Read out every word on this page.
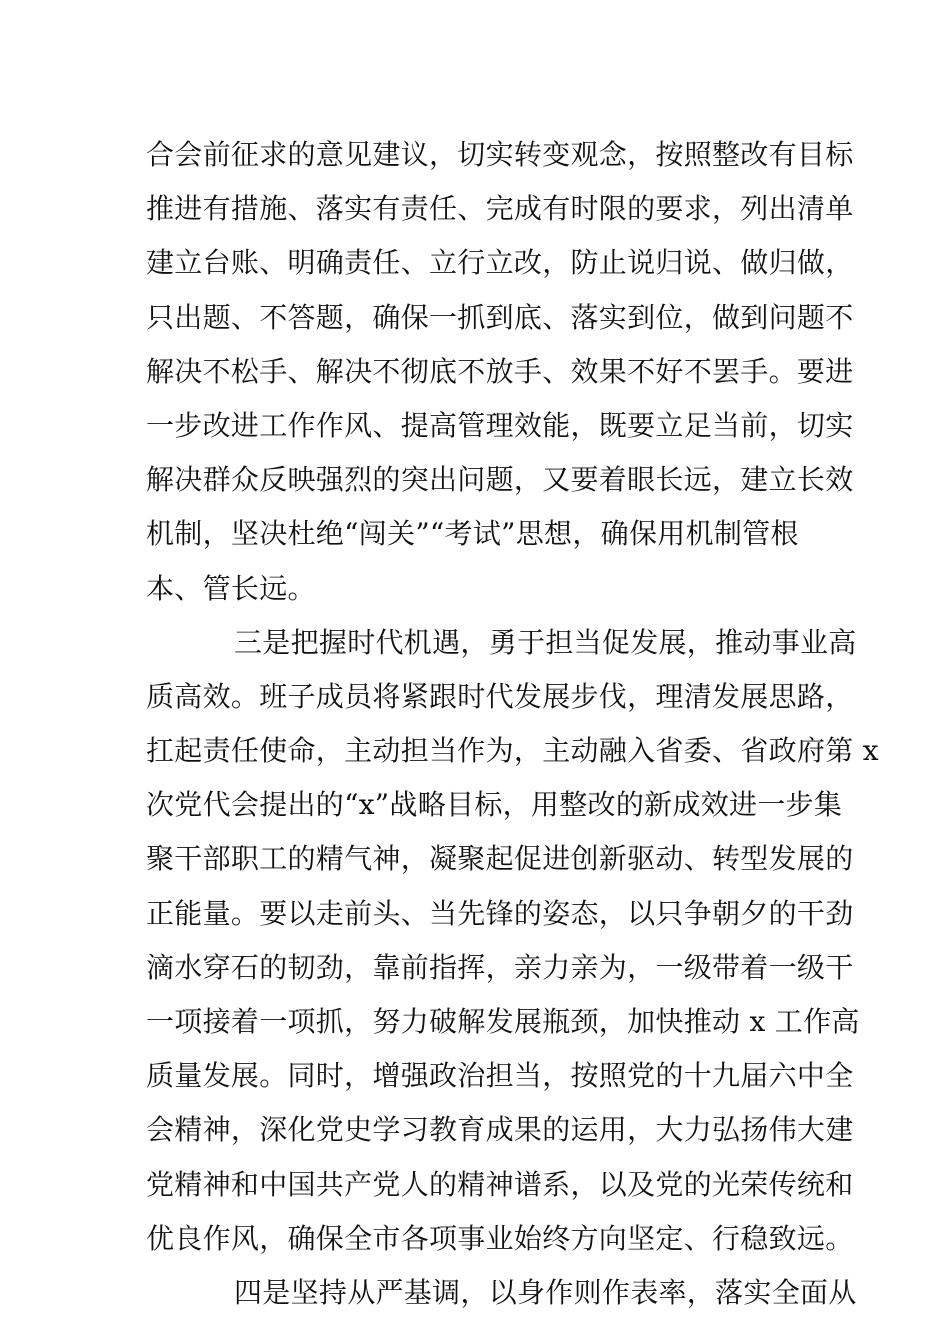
合会前征求的意见建议，切实转变观念，按照整改有目标
推进有措施、落实有责任、完成有时限的要求，列出清单
建立台账、明确责任、立行立改，防止说归说、做归做，
只出题、不答题，确保一抓到底、落实到位，做到问题不
解决不松手、解决不彻底不放手、效果不好不罢手。要进
一步改进工作作风、提高管理效能，既要立足当前，切实
解决群众反映强烈的突出问题，又要着眼长远，建立长效
机制，坚决杜绝“闯关”“考试”思想，确保用机制管根
本、管长远。
三是把握时代机遇，勇于担当促发展，推动事业高
质高效。班子成员将紧跟时代发展步伐，理清发展思路，
扛起责任使命，主动担当作为，主动融入省委、省政府第 x
次党代会提出的“x”战略目标，用整改的新成效进一步集
聚干部职工的精气神，凝聚起促进创新驱动、转型发展的
正能量。要以走前头、当先锋的姿态，以只争朝夕的干劲
滴水穿石的韧劲，靠前指挥，亲力亲为，一级带着一级干
一项接着一项抓，努力破解发展瓶颈，加快推动 x 工作高
质量发展。同时，增强政治担当，按照党的十九届六中全
会精神，深化党史学习教育成果的运用，大力弘扬伟大建
党精神和中国共产党人的精神谱系，以及党的光荣传统和
优良作风，确保全市各项事业始终方向坚定、行稳致远。
四是坚持从严基调，以身作则作表率，落实全面从
